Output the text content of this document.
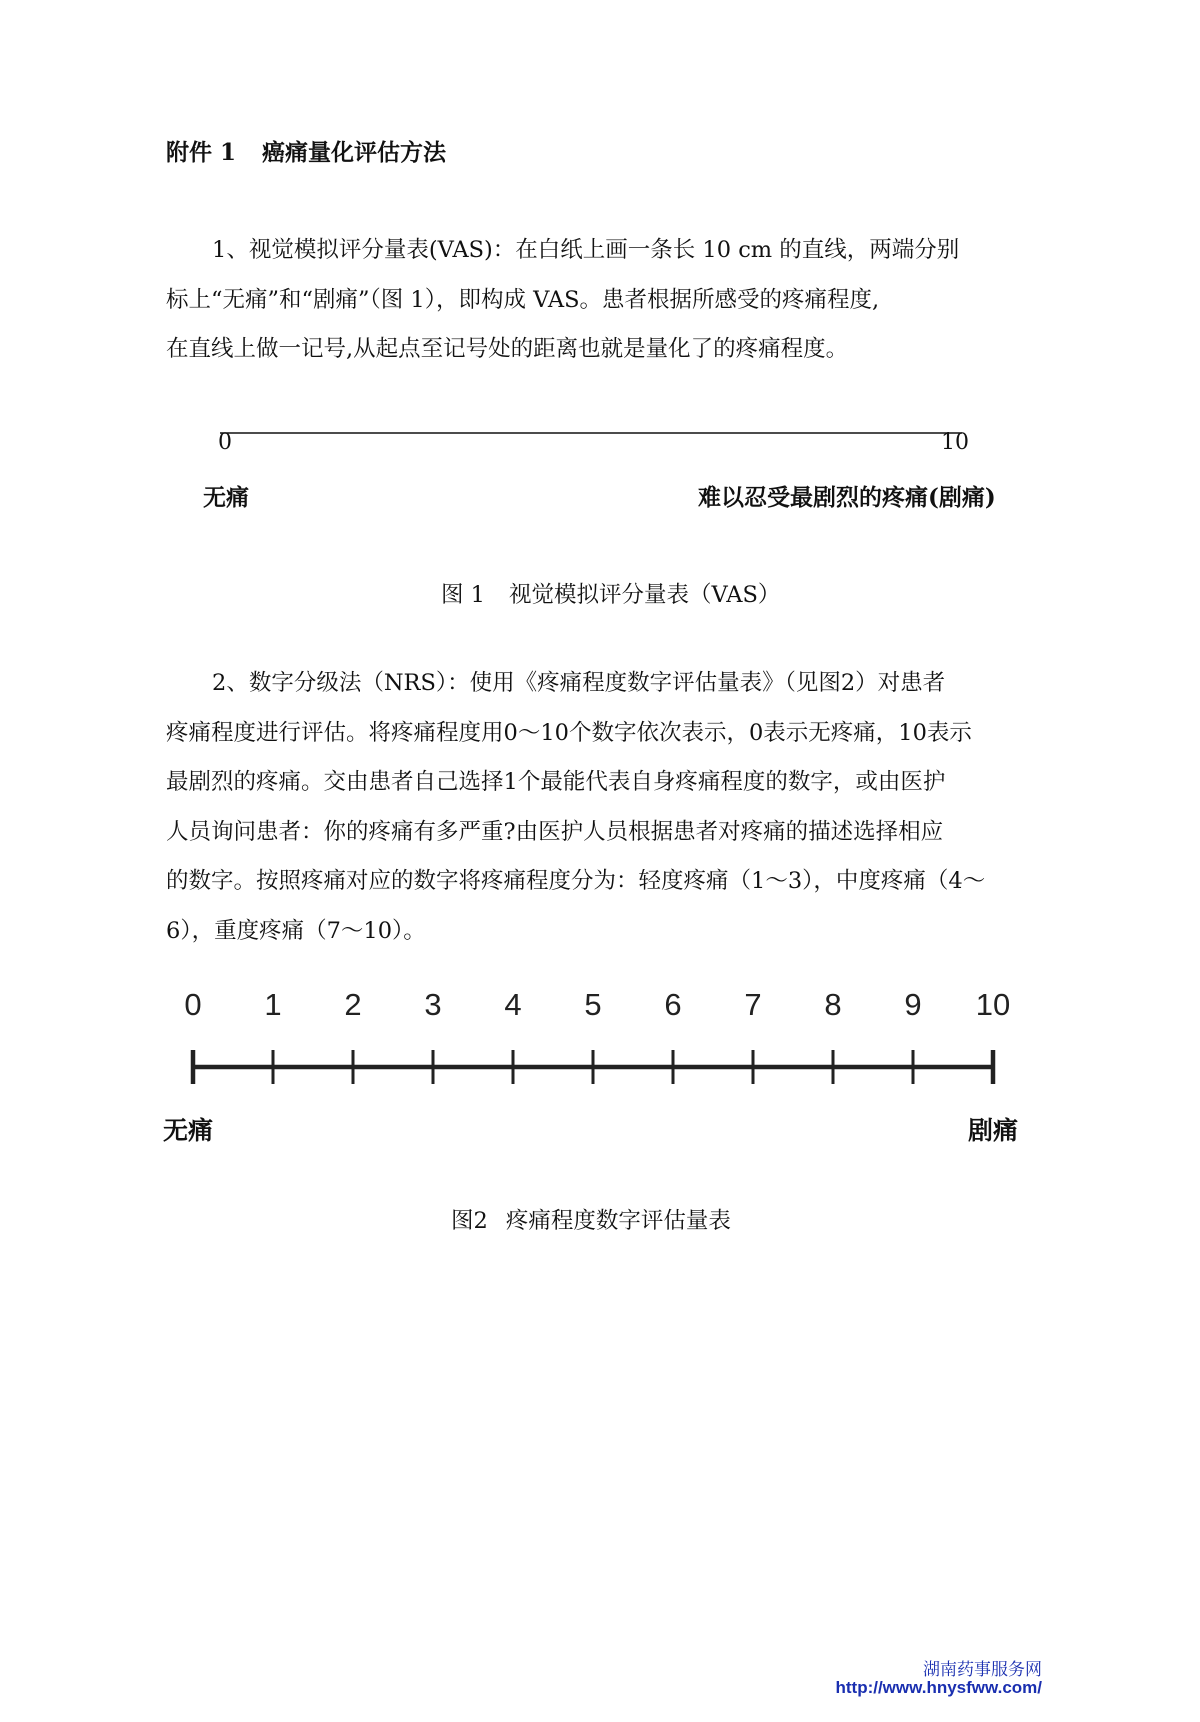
附件 1 癌痛量化评估方法
1、视觉模拟评分量表(VAS)：在白纸上画一条长 10 cm 的直线，两端分别
标上“无痛”和“剧痛”（图 1），即构成 VAS。患者根据所感受的疼痛程度,
在直线上做一记号,从起点至记号处的距离也就是量化了的疼痛程度。
0	10
无痛	难以忍受最剧烈的疼痛(剧痛)
图 1 视觉模拟评分量表（VAS）
2、数字分级法（NRS）：使用《疼痛程度数字评估量表》（见图2）对患者
疼痛程度进行评估。将疼痛程度用0～10个数字依次表示，0表示无疼痛，10表示
最剧烈的疼痛。交由患者自己选择1个最能代表自身疼痛程度的数字，或由医护
人员询问患者：你的疼痛有多严重?由医护人员根据患者对疼痛的描述选择相应
的数字。按照疼痛对应的数字将疼痛程度分为：轻度疼痛（1～3），中度疼痛（4～
6），重度疼痛（7～10）。
0 1 2 3 4 5 6 7 8 9 10
无痛	剧痛
图2 疼痛程度数字评估量表
湖南药事服务网
http://www.hnysfww.com/
